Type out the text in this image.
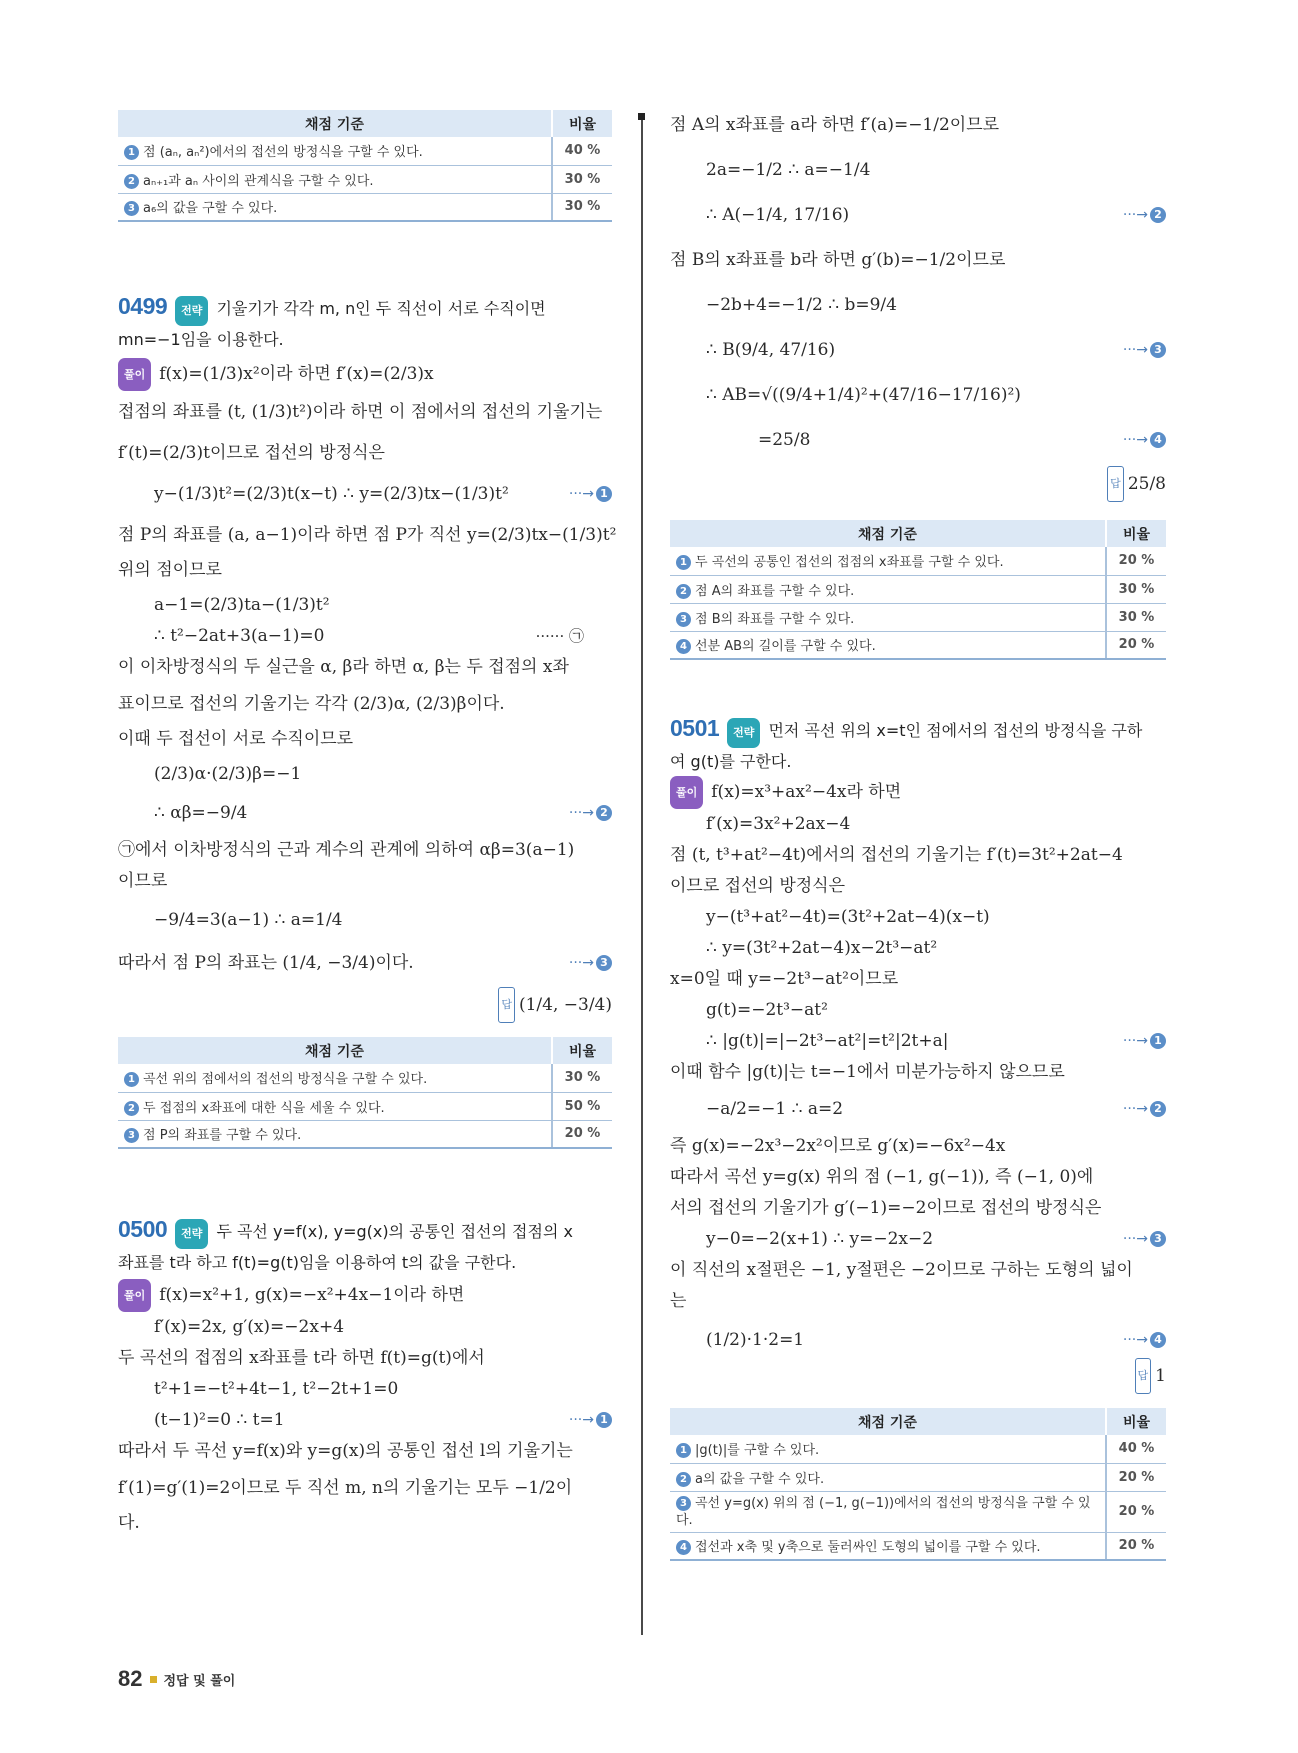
채점 기준	비율
1 점 (aₙ, aₙ²)에서의 접선의 방정식을 구할 수 있다.	40 %
2 aₙ₊₁과 aₙ 사이의 관계식을 구할 수 있다.	30 %
3 a₆의 값을 구할 수 있다.	30 %
0499	전략 기울기가 각각 m, n인 두 직선이 서로 수직이면
mn=−1임을 이용한다.
풀이 f(x)=(1/3)x²이라 하면 f′(x)=(2/3)x
접점의 좌표를 (t, (1/3)t²)이라 하면 이 점에서의 접선의 기울기는
f′(t)=(2/3)t이므로 접선의 방정식은
y−(1/3)t²=(2/3)t(x−t) ∴ y=(2/3)tx−(1/3)t²	···→ 1
점 P의 좌표를 (a, a−1)이라 하면 점 P가 직선 y=(2/3)tx−(1/3)t²
위의 점이므로
a−1=(2/3)ta−(1/3)t²
∴ t²−2at+3(a−1)=0	······ ㉠
이 이차방정식의 두 실근을 α, β라 하면 α, β는 두 접점의 x좌
표이므로 접선의 기울기는 각각 (2/3)α, (2/3)β이다.
이때 두 접선이 서로 수직이므로
(2/3)α·(2/3)β=−1
∴ αβ=−9/4	···→ 2
㉠에서 이차방정식의 근과 계수의 관계에 의하여 αβ=3(a−1)
이므로
−9/4=3(a−1) ∴ a=1/4
따라서 점 P의 좌표는 (1/4, −3/4)이다.	···→ 3
답 (1/4, −3/4)
채점 기준	비율
1 곡선 위의 점에서의 접선의 방정식을 구할 수 있다.	30 %
2 두 접점의 x좌표에 대한 식을 세울 수 있다.	50 %
3 점 P의 좌표를 구할 수 있다.	20 %
0500	전략 두 곡선 y=f(x), y=g(x)의 공통인 접선의 접점의 x
좌표를 t라 하고 f(t)=g(t)임을 이용하여 t의 값을 구한다.
풀이 f(x)=x²+1, g(x)=−x²+4x−1이라 하면
f′(x)=2x, g′(x)=−2x+4
두 곡선의 접점의 x좌표를 t라 하면 f(t)=g(t)에서
t²+1=−t²+4t−1, t²−2t+1=0
(t−1)²=0 ∴ t=1	···→ 1
따라서 두 곡선 y=f(x)와 y=g(x)의 공통인 접선 l의 기울기는
f′(1)=g′(1)=2이므로 두 직선 m, n의 기울기는 모두 −1/2이
다.
점 A의 x좌표를 a라 하면 f′(a)=−1/2이므로
2a=−1/2 ∴ a=−1/4
∴ A(−1/4, 17/16)	···→ 2
점 B의 x좌표를 b라 하면 g′(b)=−1/2이므로
−2b+4=−1/2 ∴ b=9/4
∴ B(9/4, 47/16)	···→ 3
∴ AB=√((9/4+1/4)²+(47/16−17/16)²)
=25/8	···→ 4
답 25/8
채점 기준	비율
1 두 곡선의 공통인 접선의 접점의 x좌표를 구할 수 있다.	20 %
2 점 A의 좌표를 구할 수 있다.	30 %
3 점 B의 좌표를 구할 수 있다.	30 %
4 선분 AB의 길이를 구할 수 있다.	20 %
0501	전략 먼저 곡선 위의 x=t인 점에서의 접선의 방정식을 구하
여 g(t)를 구한다.
풀이 f(x)=x³+ax²−4x라 하면
f′(x)=3x²+2ax−4
점 (t, t³+at²−4t)에서의 접선의 기울기는 f′(t)=3t²+2at−4
이므로 접선의 방정식은
y−(t³+at²−4t)=(3t²+2at−4)(x−t)
∴ y=(3t²+2at−4)x−2t³−at²
x=0일 때 y=−2t³−at²이므로
g(t)=−2t³−at²
∴ |g(t)|=|−2t³−at²|=t²|2t+a|	···→ 1
이때 함수 |g(t)|는 t=−1에서 미분가능하지 않으므로
−a/2=−1 ∴ a=2	···→ 2
즉 g(x)=−2x³−2x²이므로 g′(x)=−6x²−4x
따라서 곡선 y=g(x) 위의 점 (−1, g(−1)), 즉 (−1, 0)에
서의 접선의 기울기가 g′(−1)=−2이므로 접선의 방정식은
y−0=−2(x+1) ∴ y=−2x−2	···→ 3
이 직선의 x절편은 −1, y절편은 −2이므로 구하는 도형의 넓이
는
(1/2)·1·2=1	···→ 4
답 1
채점 기준	비율
1 |g(t)|를 구할 수 있다.	40 %
2 a의 값을 구할 수 있다.	20 %
3 곡선 y=g(x) 위의 점 (−1, g(−1))에서의 접선의 방정식을 구할 수 있다.	20 %
4 접선과 x축 및 y축으로 둘러싸인 도형의 넓이를 구할 수 있다.	20 %
82 정답 및 풀이
